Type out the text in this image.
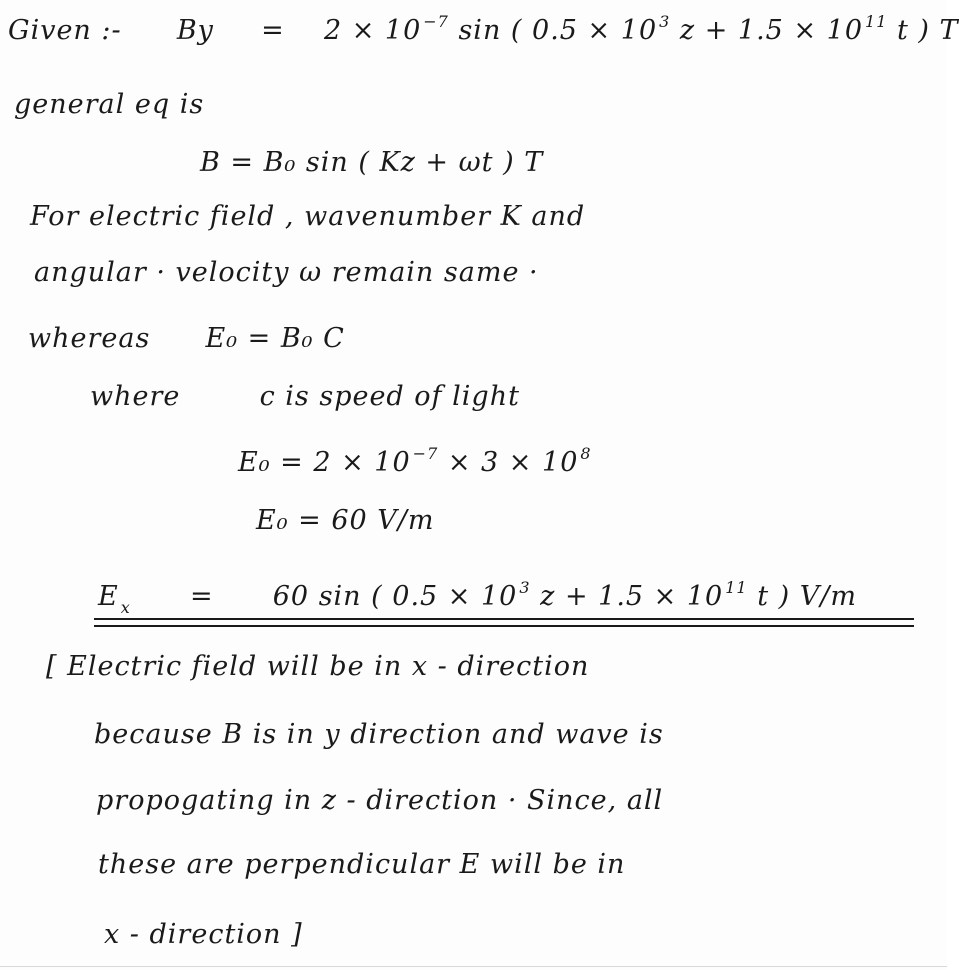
Given :- By = 2 × 10 $^{-7}$ sin ( 0.5 × 10 $^3$ z + 1.5 × 10 $^{11}$ t ) T
general eq is
B = B₀ sin ( Kz + ωt ) T
For electric field , wavenumber K and
angular · velocity ω remain same ·
whereas E₀ = B₀ C
where	c is speed of light
E₀ = 2 × 10 $^{-7}$ × 3 × 10 $^8$
E₀ = 60 V/m
E $_x$ = 60 sin ( 0.5 × 10 $^3$ z + 1.5 × 10 $^{11}$ t ) V/m
[ Electric field will be in x - direction
because B is in y direction and wave is
propogating in z - direction · Since, all
these are perpendicular E will be in
x - direction ]
